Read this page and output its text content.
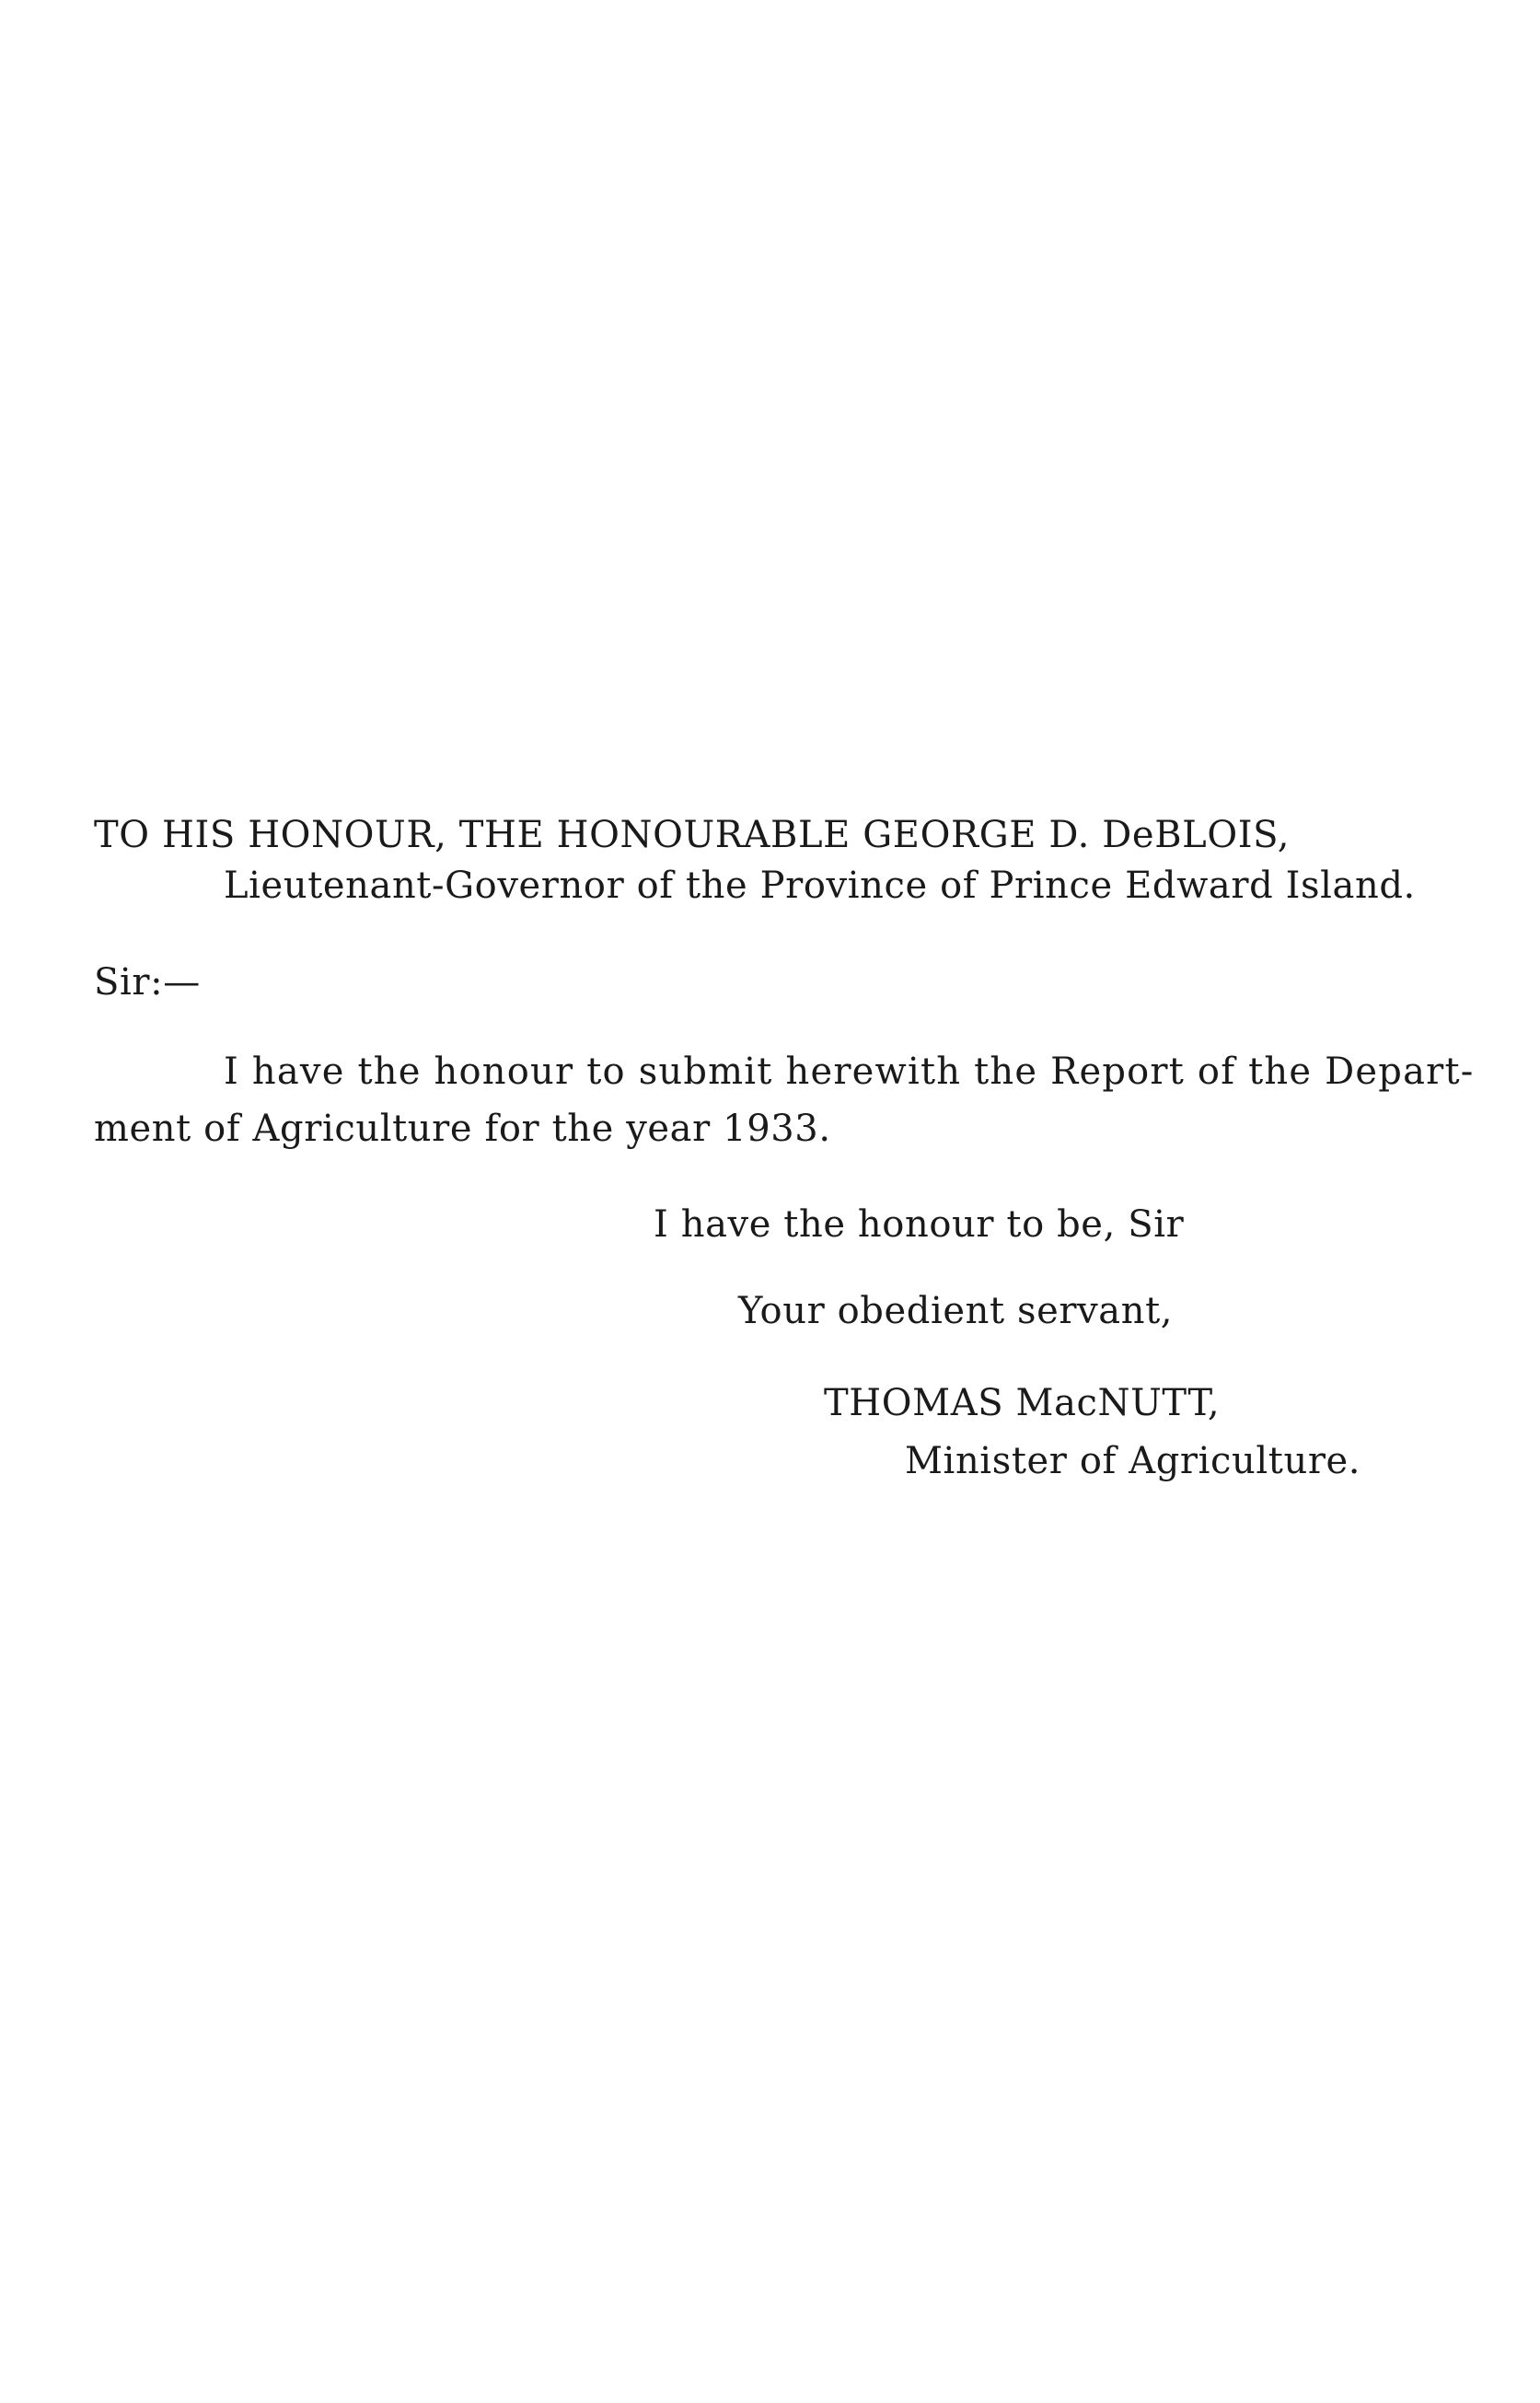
TO HIS HONOUR, THE HONOURABLE GEORGE D. DeBLOIS,
Lieutenant-Governor of the Province of Prince Edward Island.
Sir:—
I have the honour to submit herewith the Report of the Depart-
ment of Agriculture for the year 1933.
I have the honour to be, Sir
Your obedient servant,
THOMAS MacNUTT,
Minister of Agriculture.
